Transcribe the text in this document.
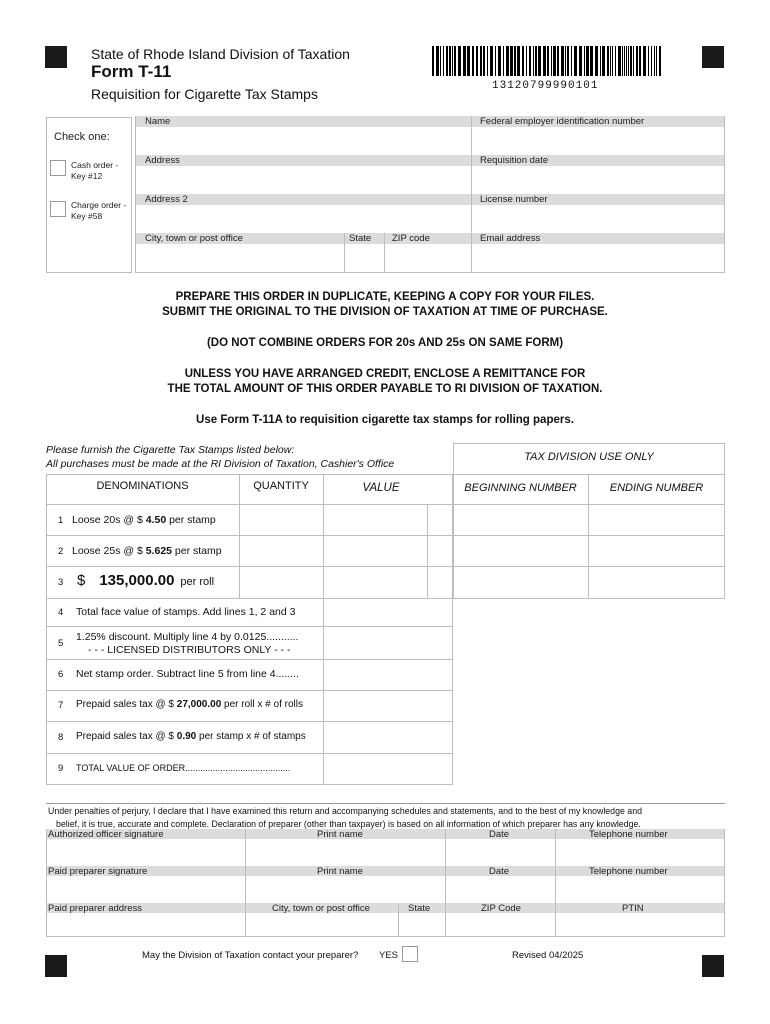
State of Rhode Island Division of Taxation
Form T-11
Requisition for Cigarette Tax Stamps	13120799990101
Check one:
Cash order -
Key #12
Charge order -
Key #58
Name	Federal employer identification number
Address	Requisition date
Address 2	License number
City, town or post office	State ZIP code	Email address
PREPARE THIS ORDER IN DUPLICATE, KEEPING A COPY FOR YOUR FILES.
SUBMIT THE ORIGINAL TO THE DIVISION OF TAXATION AT TIME OF PURCHASE.
(DO NOT COMBINE ORDERS FOR 20s AND 25s ON SAME FORM)
UNLESS YOU HAVE ARRANGED CREDIT, ENCLOSE A REMITTANCE FOR
THE TOTAL AMOUNT OF THIS ORDER PAYABLE TO RI DIVISION OF TAXATION.
Use Form T-11A to requisition cigarette tax stamps for rolling papers.
Please furnish the Cigarette Tax Stamps listed below:
All purchases must be made at the RI Division of Taxation, Cashier's Office
TAX DIVISION USE ONLY
DENOMINATIONS	QUANTITY	VALUE	BEGINNING NUMBER	ENDING NUMBER
1 Loose 20s @ $ 4.50 per stamp
2 Loose 25s @ $ 5.625 per stamp
3 $ 135,000.00 per roll
4 Total face value of stamps. Add lines 1, 2 and 3
5
1.25% discount. Multiply line 4 by 0.0125...........
- - - LICENSED DISTRIBUTORS ONLY - - -
6 Net stamp order. Subtract line 5 from line 4........
7 Prepaid sales tax @ $ 27,000.00 per roll x # of rolls
8 Prepaid sales tax @ $ 0.90 per stamp x # of stamps
9 TOTAL VALUE OF ORDER..........................................
Under penalties of perjury, I declare that I have examined this return and accompanying schedules and statements, and to the best of my knowledge and
belief, it is true, accurate and complete. Declaration of preparer (other than taxpayer) is based on all information of which preparer has any knowledge.
Authorized officer signature	Print name	Date	Telephone number
Paid preparer signature	Print name	Date	Telephone number
Paid preparer address	City, town or post office	State	ZIP Code	PTIN
May the Division of Taxation contact your preparer? YES	Revised 04/2025
